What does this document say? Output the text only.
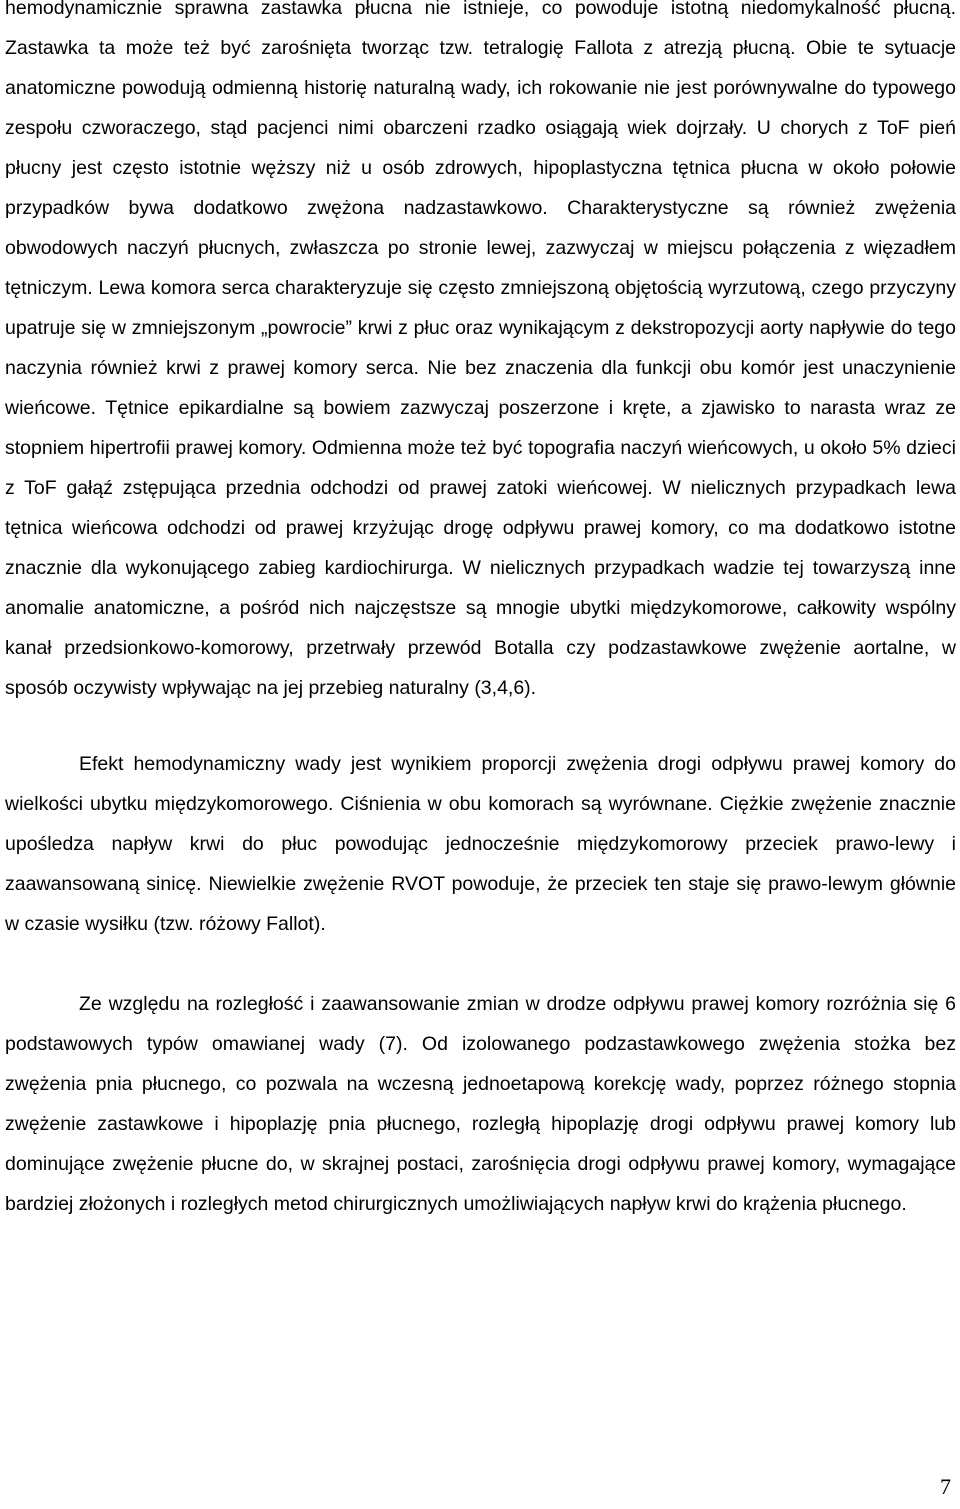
hemodynamicznie sprawna zastawka płucna nie istnieje, co powoduje istotną niedomykalność płucną. Zastawka ta może też być zarośnięta tworząc tzw. tetralogię Fallota z atrezją płucną. Obie te sytuacje anatomiczne powodują odmienną historię naturalną wady, ich rokowanie nie jest porównywalne do typowego zespołu czworaczego, stąd pacjenci nimi obarczeni rzadko osiągają wiek dojrzały. U chorych z ToF pień płucny jest często istotnie węższy niż u osób zdrowych, hipoplastyczna tętnica płucna w około połowie przypadków bywa dodatkowo zwężona nadzastawkowo. Charakterystyczne są również zwężenia obwodowych naczyń płucnych, zwłaszcza po stronie lewej, zazwyczaj w miejscu połączenia z więzadłem tętniczym. Lewa komora serca charakteryzuje się często zmniejszoną objętością wyrzutową, czego przyczyny upatruje się w zmniejszonym „powrocie” krwi z płuc oraz wynikającym z dekstropozycji aorty napływie do tego naczynia również krwi z prawej komory serca. Nie bez znaczenia dla funkcji obu komór jest unaczynienie wieńcowe. Tętnice epikardialne są bowiem zazwyczaj poszerzone i kręte, a zjawisko to narasta wraz ze stopniem hipertrofii prawej komory. Odmienna może też być topografia naczyń wieńcowych, u około 5% dzieci z ToF gałąź zstępująca przednia odchodzi od prawej zatoki wieńcowej. W nielicznych przypadkach lewa tętnica wieńcowa odchodzi od prawej krzyżując drogę odpływu prawej komory, co ma dodatkowo istotne znacznie dla wykonującego zabieg kardiochirurga. W nielicznych przypadkach wadzie tej towarzyszą inne anomalie anatomiczne, a pośród nich najczęstsze są mnogie ubytki międzykomorowe, całkowity wspólny kanał przedsionkowo-komorowy, przetrwały przewód Botalla czy podzastawkowe zwężenie aortalne, w sposób oczywisty wpływając na jej przebieg naturalny (3,4,6).

Efekt hemodynamiczny wady jest wynikiem proporcji zwężenia drogi odpływu prawej komory do wielkości ubytku międzykomorowego. Ciśnienia w obu komorach są wyrównane. Ciężkie zwężenie znacznie upośledza napływ krwi do płuc powodując jednocześnie międzykomorowy przeciek prawo-lewy i zaawansowaną sinicę. Niewielkie zwężenie RVOT powoduje, że przeciek ten staje się prawo-lewym głównie w czasie wysiłku (tzw. różowy Fallot).

Ze względu na rozległość i zaawansowanie zmian w drodze odpływu prawej komory rozróżnia się 6 podstawowych typów omawianej wady (7). Od izolowanego podzastawkowego zwężenia stożka bez zwężenia pnia płucnego, co pozwala na wczesną jednoetapową korekcję wady, poprzez różnego stopnia zwężenie zastawkowe i hipoplazję pnia płucnego, rozległą hipoplazję drogi odpływu prawej komory lub dominujące zwężenie płucne do, w skrajnej postaci, zarośnięcia drogi odpływu prawej komory, wymagające bardziej złożonych i rozległych metod chirurgicznych umożliwiających napływ krwi do krążenia płucnego.

7
